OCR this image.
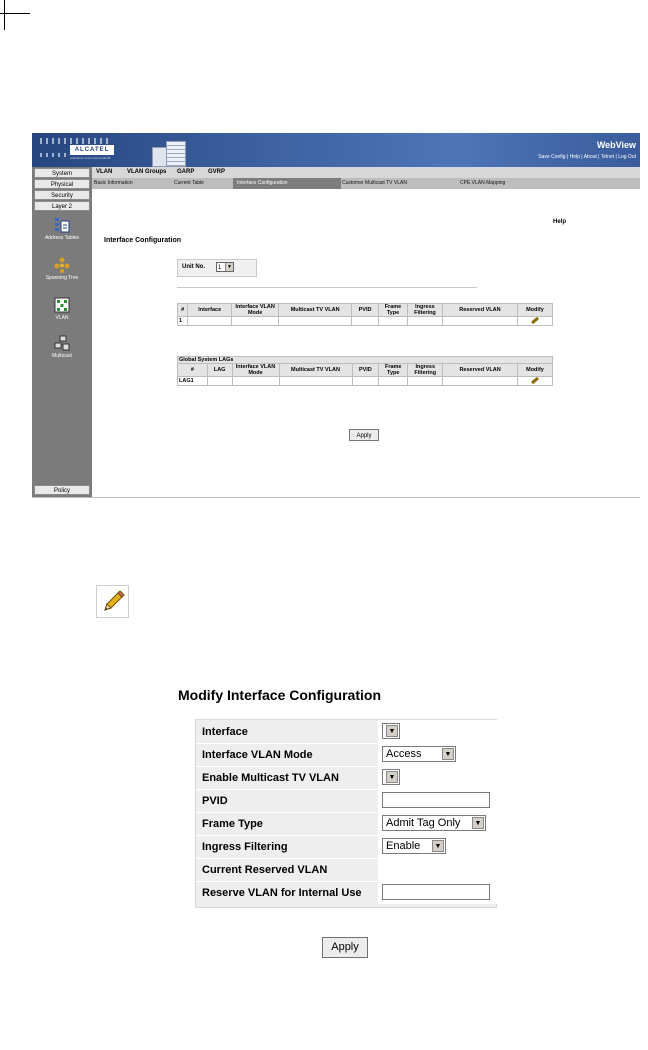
ALCATEL
Architects of an Internet World
WebView
Save Config | Help | About | Telnet | Log Out
System
Physical
Security
Layer 2
Address Tables
Spanning Tree
VLAN
Multicast
Policy
VLAN VLAN Groups GARP GVRP
Basic Information	Current Table	Interface Configuration	Customer Multicast TV VLAN	CPE VLAN Mapping
Help
Interface Configuration
Unit No.	1	▼
#	Interface	Interface VLAN Mode	Multicast TV VLAN	PVID	Frame Type	Ingress Filtering	Reserved VLAN	Modify
1								
Global System LAGs								
#	LAG	Interface VLAN Mode	Multicast TV VLAN	PVID	Frame Type	Ingress Filtering	Reserved VLAN	Modify
LAG1								
Apply
Modify Interface Configuration
Interface	▼
Interface VLAN Mode	Access	▼
Enable Multicast TV VLAN	▼
PVID
Frame Type	Admit Tag Only	▼
Ingress Filtering	Enable	▼
Current Reserved VLAN
Reserve VLAN for Internal Use
Apply
